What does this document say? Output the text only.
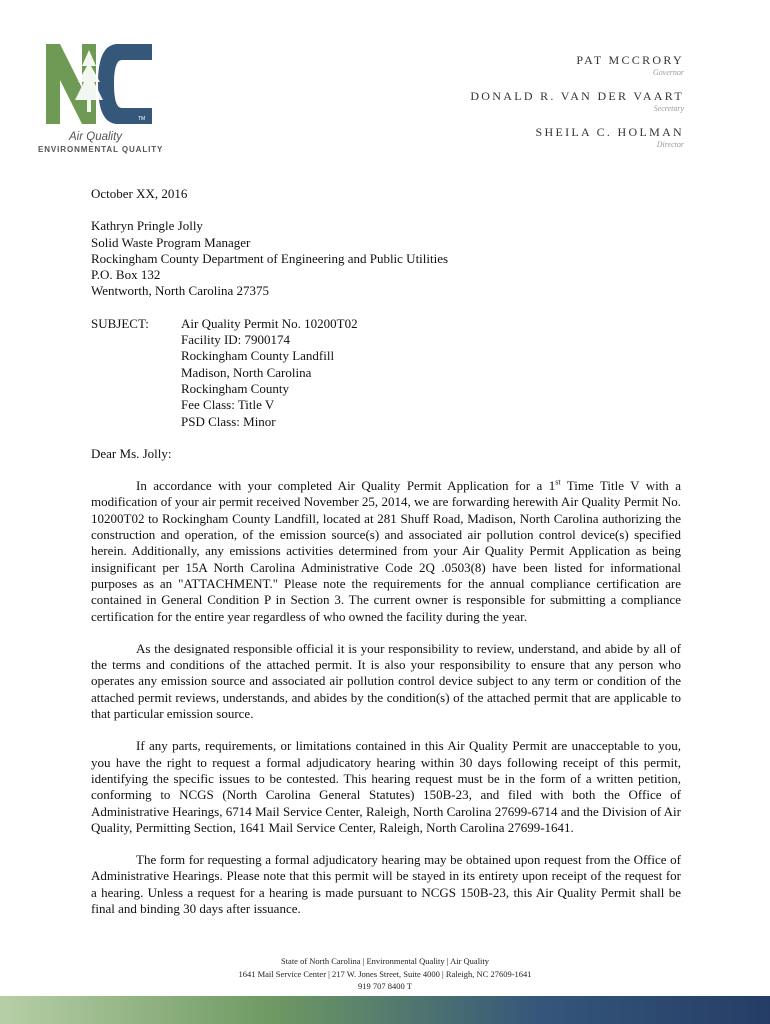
TM
Air Quality
ENVIRONMENTAL QUALITY
PAT MCCRORY
Governor
DONALD R. VAN DER VAART
Secretary
SHEILA C. HOLMAN
Director
October XX, 2016
Kathryn Pringle Jolly
Solid Waste Program Manager
Rockingham County Department of Engineering and Public Utilities
P.O. Box 132
Wentworth, North Carolina 27375
SUBJECT:	Air Quality Permit No. 10200T02
Facility ID: 7900174
Rockingham County Landfill
Madison, North Carolina
Rockingham County
Fee Class: Title V
PSD Class: Minor
Dear Ms. Jolly:

In accordance with your completed Air Quality Permit Application for a 1st Time Title V with a modification of your air permit received November 25, 2014, we are forwarding herewith Air Quality Permit No. 10200T02 to Rockingham County Landfill, located at 281 Shuff Road, Madison, North Carolina authorizing the construction and operation, of the emission source(s) and associated air pollution control device(s) specified herein. Additionally, any emissions activities determined from your Air Quality Permit Application as being insignificant per 15A North Carolina Administrative Code 2Q .0503(8) have been listed for informational purposes as an "ATTACHMENT." Please note the requirements for the annual compliance certification are contained in General Condition P in Section 3. The current owner is responsible for submitting a compliance certification for the entire year regardless of who owned the facility during the year.

As the designated responsible official it is your responsibility to review, understand, and abide by all of the terms and conditions of the attached permit. It is also your responsibility to ensure that any person who operates any emission source and associated air pollution control device subject to any term or condition of the attached permit reviews, understands, and abides by the condition(s) of the attached permit that are applicable to that particular emission source.

If any parts, requirements, or limitations contained in this Air Quality Permit are unacceptable to you, you have the right to request a formal adjudicatory hearing within 30 days following receipt of this permit, identifying the specific issues to be contested. This hearing request must be in the form of a written petition, conforming to NCGS (North Carolina General Statutes) 150B-23, and filed with both the Office of Administrative Hearings, 6714 Mail Service Center, Raleigh, North Carolina 27699-6714 and the Division of Air Quality, Permitting Section, 1641 Mail Service Center, Raleigh, North Carolina 27699-1641.

The form for requesting a formal adjudicatory hearing may be obtained upon request from the Office of Administrative Hearings. Please note that this permit will be stayed in its entirety upon receipt of the request for a hearing. Unless a request for a hearing is made pursuant to NCGS 150B-23, this Air Quality Permit shall be final and binding 30 days after issuance.

State of North Carolina | Environmental Quality | Air Quality
1641 Mail Service Center | 217 W. Jones Street, Suite 4000 | Raleigh, NC 27609-1641
919 707 8400 T
